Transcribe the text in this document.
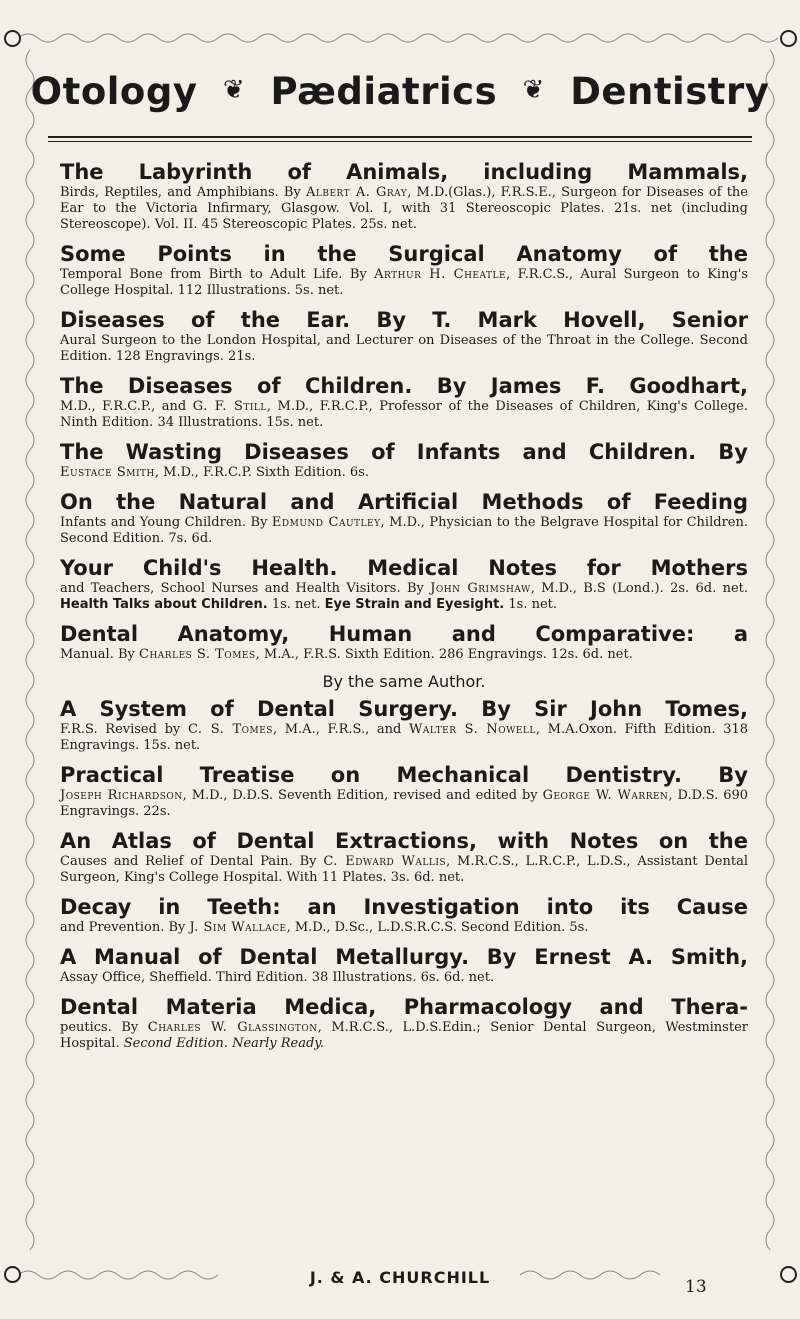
Otology ❦ Pædiatrics ❦ Dentistry
The Labyrinth of Animals, including Mammals,
Birds, Reptiles, and Amphibians. By Albert A. Gray, M.D.(Glas.), F.R.S.E., Surgeon for Diseases of the Ear to the Victoria Infirmary, Glasgow. Vol. I, with 31 Stereoscopic Plates. 21s. net (including Stereoscope). Vol. II. 45 Stereoscopic Plates. 25s. net.
Some Points in the Surgical Anatomy of the
Temporal Bone from Birth to Adult Life. By Arthur H. Cheatle, F.R.C.S., Aural Surgeon to King's College Hospital. 112 Illustrations. 5s. net.
Diseases of the Ear. By T. Mark Hovell, Senior
Aural Surgeon to the London Hospital, and Lecturer on Diseases of the Throat in the College. Second Edition. 128 Engravings. 21s.
The Diseases of Children. By James F. Goodhart,
M.D., F.R.C.P., and G. F. Still, M.D., F.R.C.P., Professor of the Diseases of Children, King's College. Ninth Edition. 34 Illustrations. 15s. net.
The Wasting Diseases of Infants and Children. By
Eustace Smith, M.D., F.R.C.P. Sixth Edition. 6s.
On the Natural and Artificial Methods of Feeding
Infants and Young Children. By Edmund Cautley, M.D., Physician to the Belgrave Hospital for Children. Second Edition. 7s. 6d.
Your Child's Health. Medical Notes for Mothers
and Teachers, School Nurses and Health Visitors. By John Grimshaw, M.D., B.S (Lond.). 2s. 6d. net. Health Talks about Children. 1s. net. Eye Strain and Eyesight. 1s. net.
Dental Anatomy, Human and Comparative: a
Manual. By Charles S. Tomes, M.A., F.R.S. Sixth Edition. 286 Engravings. 12s. 6d. net.
By the same Author.
A System of Dental Surgery. By Sir John Tomes,
F.R.S. Revised by C. S. Tomes, M.A., F.R.S., and Walter S. Nowell, M.A.Oxon. Fifth Edition. 318 Engravings. 15s. net.
Practical Treatise on Mechanical Dentistry. By
Joseph Richardson, M.D., D.D.S. Seventh Edition, revised and edited by George W. Warren, D.D.S. 690 Engravings. 22s.
An Atlas of Dental Extractions, with Notes on the
Causes and Relief of Dental Pain. By C. Edward Wallis, M.R.C.S., L.R.C.P., L.D.S., Assistant Dental Surgeon, King's College Hospital. With 11 Plates. 3s. 6d. net.
Decay in Teeth: an Investigation into its Cause
and Prevention. By J. Sim Wallace, M.D., D.Sc., L.D.S.R.C.S. Second Edition. 5s.
A Manual of Dental Metallurgy. By Ernest A. Smith,
Assay Office, Sheffield. Third Edition. 38 Illustrations. 6s. 6d. net.
Dental Materia Medica, Pharmacology and Thera-
peutics. By Charles W. Glassington, M.R.C.S., L.D.S.Edin.; Senior Dental Surgeon, Westminster Hospital. Second Edition. Nearly Ready.
J. & A. CHURCHILL	13
